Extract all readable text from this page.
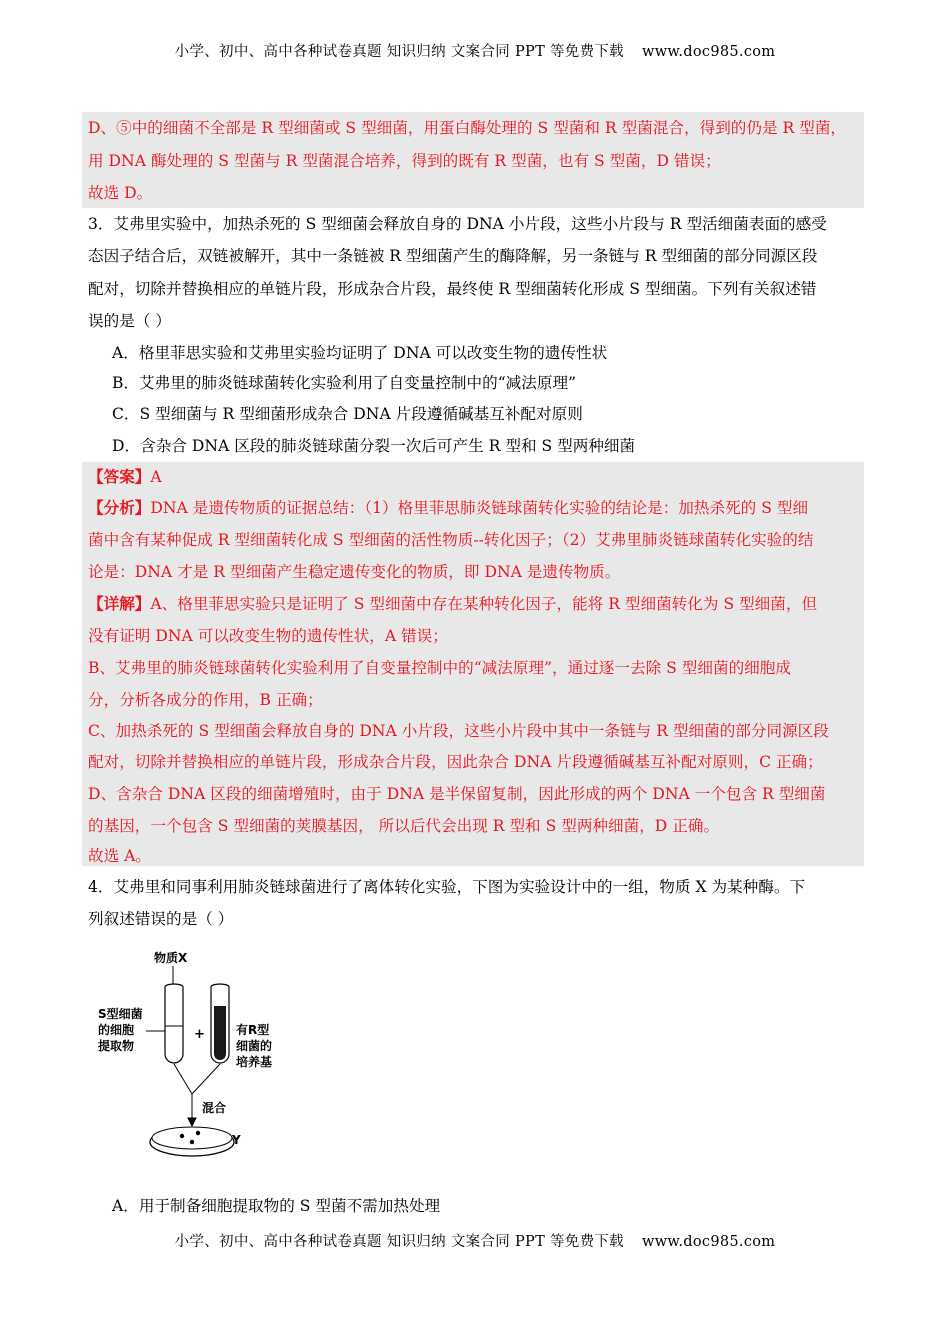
小学、初中、高中各种试卷真题 知识归纳 文案合同 PPT 等免费下载 www.doc985.com
D、⑤中的细菌不全部是 R 型细菌或 S 型细菌，用蛋白酶处理的 S 型菌和 R 型菌混合，得到的仍是 R 型菌，
用 DNA 酶处理的 S 型菌与 R 型菌混合培养，得到的既有 R 型菌，也有 S 型菌，D 错误；
故选 D。
3．艾弗里实验中，加热杀死的 S 型细菌会释放自身的 DNA 小片段，这些小片段与 R 型活细菌表面的感受
态因子结合后，双链被解开，其中一条链被 R 型细菌产生的酶降解，另一条链与 R 型细菌的部分同源区段
配对，切除并替换相应的单链片段，形成杂合片段，最终使 R 型细菌转化形成 S 型细菌。下列有关叙述错
误的是（ ）
A．格里菲思实验和艾弗里实验均证明了 DNA 可以改变生物的遗传性状
B．艾弗里的肺炎链球菌转化实验利用了自变量控制中的“减法原理”
C．S 型细菌与 R 型细菌形成杂合 DNA 片段遵循碱基互补配对原则
D．含杂合 DNA 区段的肺炎链球菌分裂一次后可产生 R 型和 S 型两种细菌
【答案】A
【分析】DNA 是遗传物质的证据总结：（1）格里菲思肺炎链球菌转化实验的结论是：加热杀死的 S 型细
菌中含有某种促成 R 型细菌转化成 S 型细菌的活性物质--转化因子；（2）艾弗里肺炎链球菌转化实验的结
论是：DNA 才是 R 型细菌产生稳定遗传变化的物质，即 DNA 是遗传物质。
【详解】A、格里菲思实验只是证明了 S 型细菌中存在某种转化因子，能将 R 型细菌转化为 S 型细菌，但
没有证明 DNA 可以改变生物的遗传性状，A 错误；
B、艾弗里的肺炎链球菌转化实验利用了自变量控制中的“减法原理”，通过逐一去除 S 型细菌的细胞成
分，分析各成分的作用，B 正确；
C、加热杀死的 S 型细菌会释放自身的 DNA 小片段，这些小片段中其中一条链与 R 型细菌的部分同源区段
配对，切除并替换相应的单链片段，形成杂合片段，因此杂合 DNA 片段遵循碱基互补配对原则，C 正确；
D、含杂合 DNA 区段的细菌增殖时，由于 DNA 是半保留复制，因此形成的两个 DNA 一个包含 R 型细菌
的基因，一个包含 S 型细菌的荚膜基因， 所以后代会出现 R 型和 S 型两种细菌，D 正确。
故选 A。
4．艾弗里和同事利用肺炎链球菌进行了离体转化实验，下图为实验设计中的一组，物质 X 为某种酶。下
列叙述错误的是（ ）
物质X
+
S型细菌
的细胞
提取物
有R型
细菌的
培养基
混合
Y
A．用于制备细胞提取物的 S 型菌不需加热处理
小学、初中、高中各种试卷真题 知识归纳 文案合同 PPT 等免费下载 www.doc985.com
